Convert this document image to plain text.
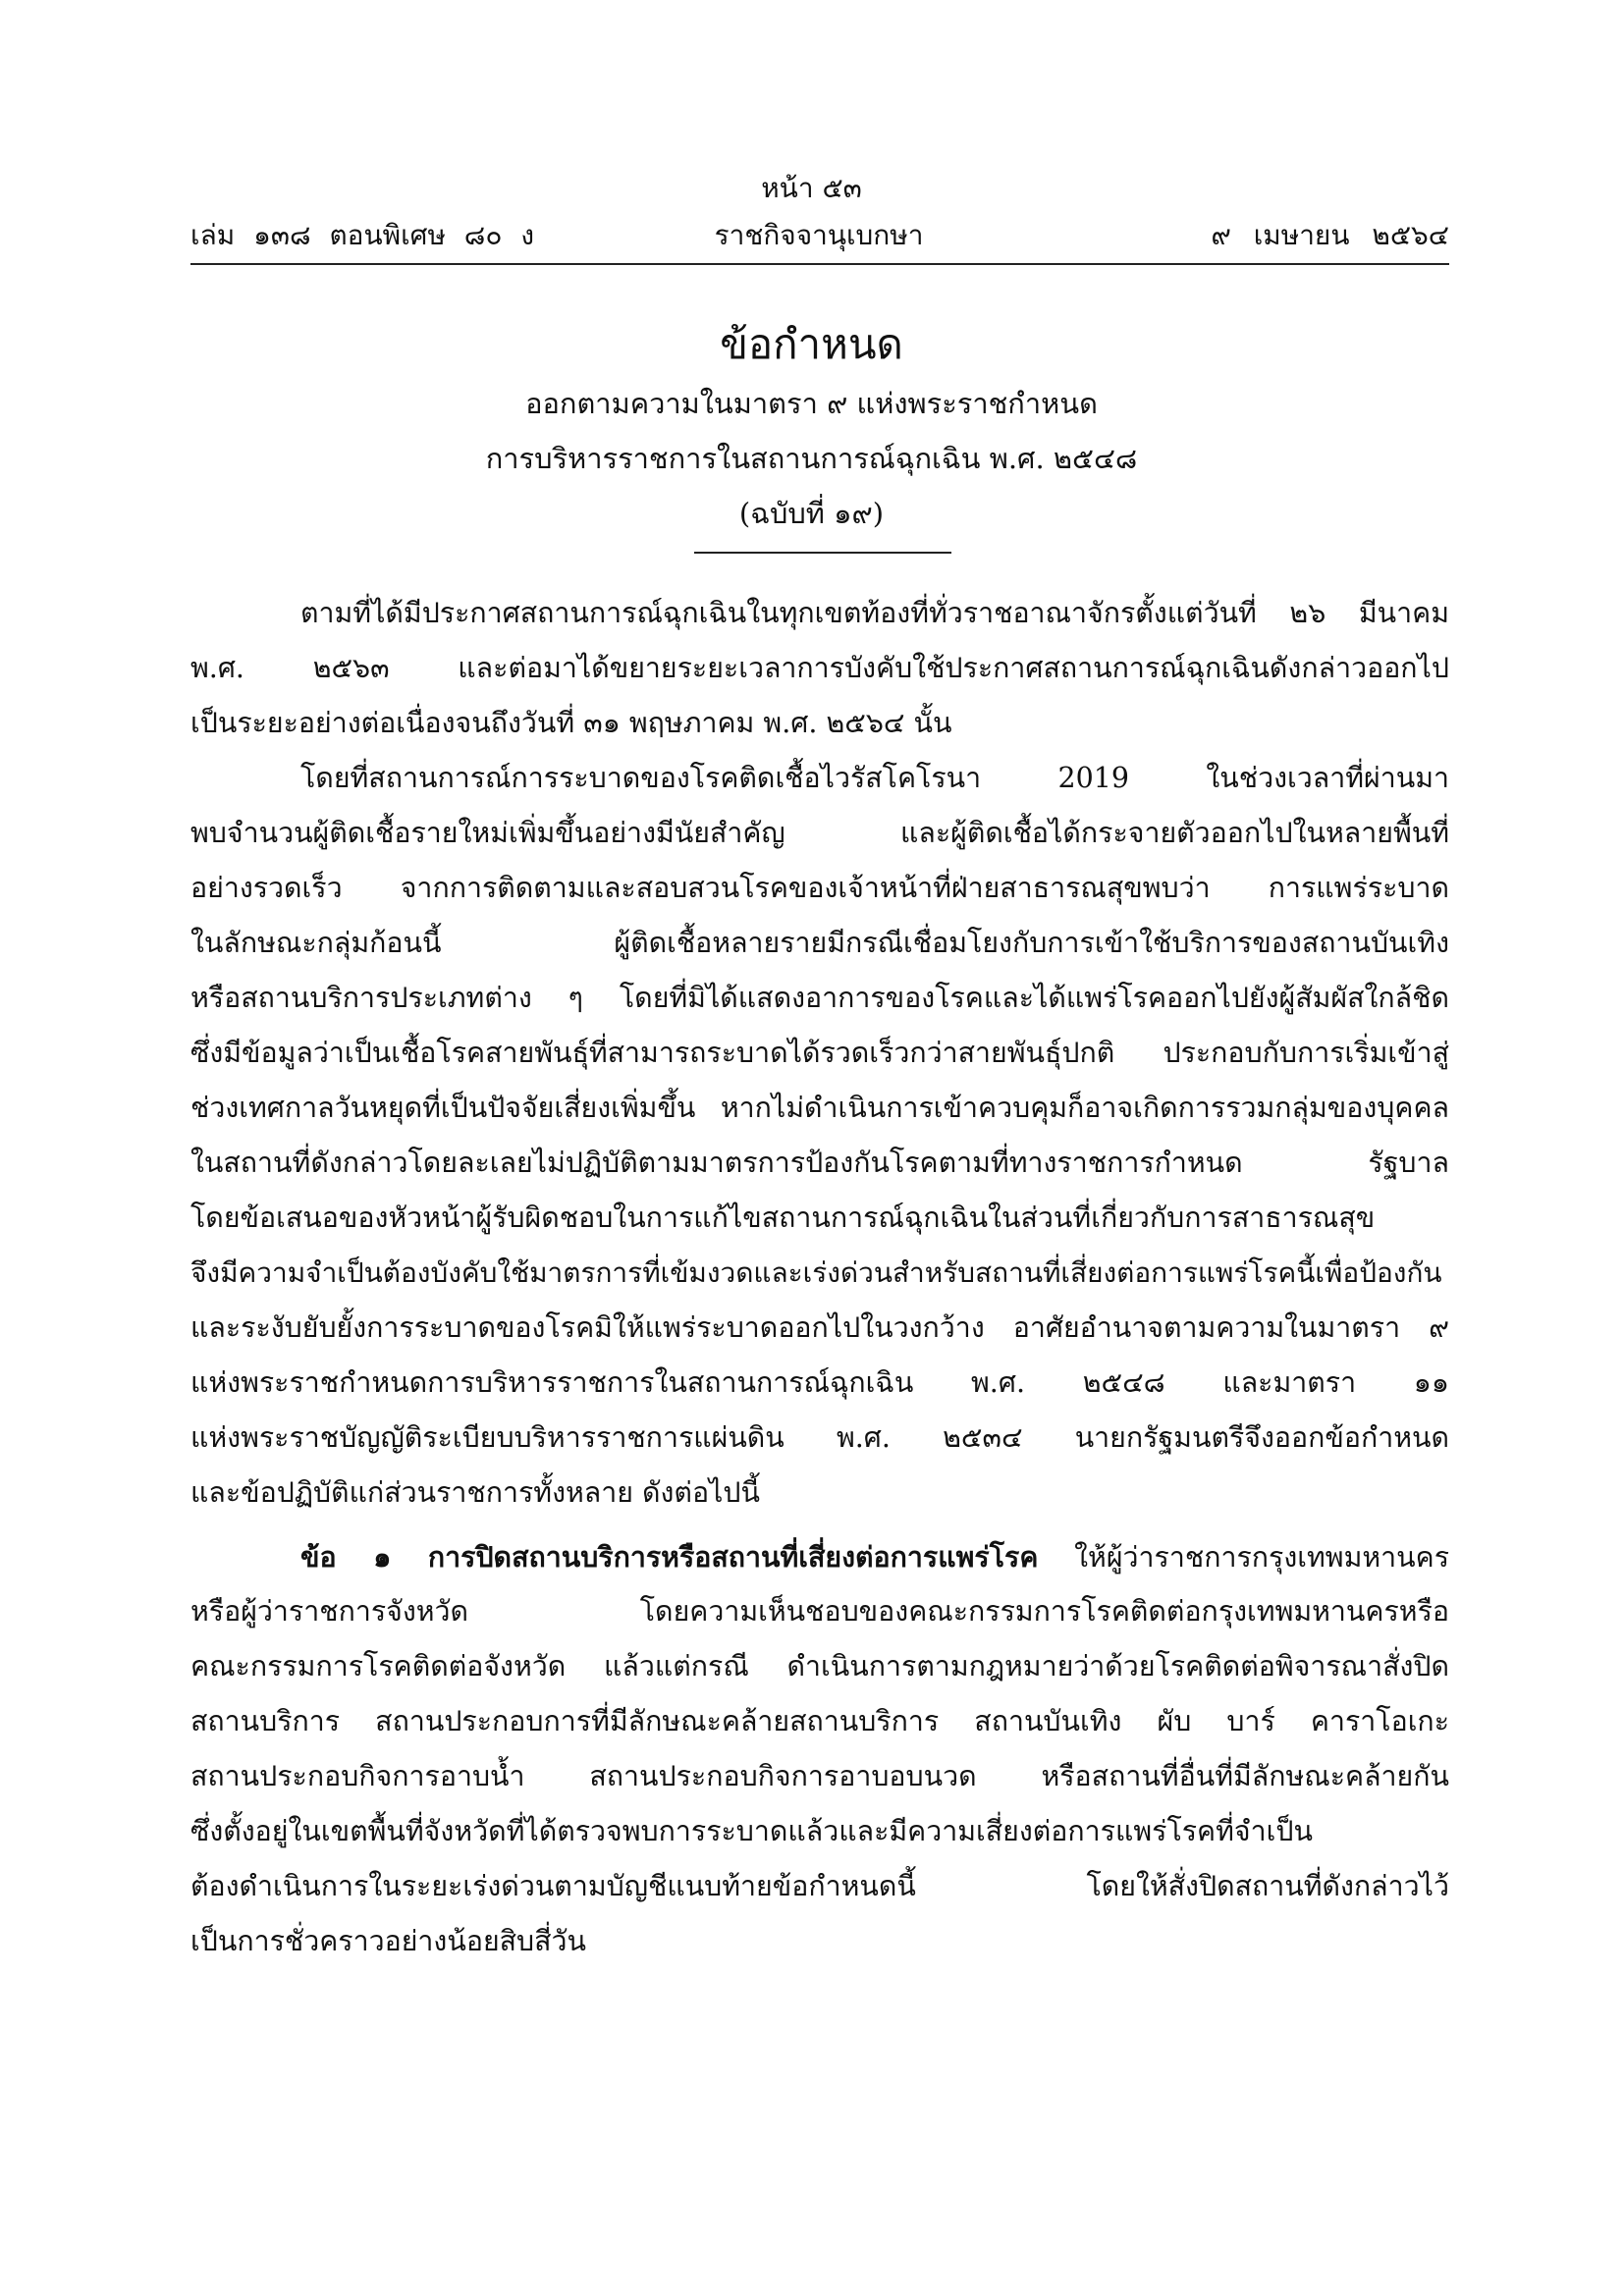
หน้า ๕๓
เล่ม ๑๓๘ ตอนพิเศษ ๘๐ ง	ราชกิจจานุเบกษา	๙ เมษายน ๒๕๖๔
ข้อกำหนด
ออกตามความในมาตรา ๙ แห่งพระราชกำหนด
การบริหารราชการในสถานการณ์ฉุกเฉิน พ.ศ. ๒๕๔๘
(ฉบับที่ ๑๙)
ตามที่ได้มีประกาศสถานการณ์ฉุกเฉินในทุกเขตท้องที่ทั่วราชอาณาจักรตั้งแต่วันที่ ๒๖ มีนาคม
พ.ศ. ๒๕๖๓ และต่อมาได้ขยายระยะเวลาการบังคับใช้ประกาศสถานการณ์ฉุกเฉินดังกล่าวออกไป
เป็นระยะอย่างต่อเนื่องจนถึงวันที่ ๓๑ พฤษภาคม พ.ศ. ๒๕๖๔ นั้น
โดยที่สถานการณ์การระบาดของโรคติดเชื้อไวรัสโคโรนา 2019 ในช่วงเวลาที่ผ่านมา
พบจำนวนผู้ติดเชื้อรายใหม่เพิ่มขึ้นอย่างมีนัยสำคัญ และผู้ติดเชื้อได้กระจายตัวออกไปในหลายพื้นที่
อย่างรวดเร็ว จากการติดตามและสอบสวนโรคของเจ้าหน้าที่ฝ่ายสาธารณสุขพบว่า การแพร่ระบาด
ในลักษณะกลุ่มก้อนนี้ ผู้ติดเชื้อหลายรายมีกรณีเชื่อมโยงกับการเข้าใช้บริการของสถานบันเทิง
หรือสถานบริการประเภทต่าง ๆ โดยที่มิได้แสดงอาการของโรคและได้แพร่โรคออกไปยังผู้สัมผัสใกล้ชิด
ซึ่งมีข้อมูลว่าเป็นเชื้อโรคสายพันธุ์ที่สามารถระบาดได้รวดเร็วกว่าสายพันธุ์ปกติ ประกอบกับการเริ่มเข้าสู่
ช่วงเทศกาลวันหยุดที่เป็นปัจจัยเสี่ยงเพิ่มขึ้น หากไม่ดำเนินการเข้าควบคุมก็อาจเกิดการรวมกลุ่มของบุคคล
ในสถานที่ดังกล่าวโดยละเลยไม่ปฏิบัติตามมาตรการป้องกันโรคตามที่ทางราชการกำหนด รัฐบาล
โดยข้อเสนอของหัวหน้าผู้รับผิดชอบในการแก้ไขสถานการณ์ฉุกเฉินในส่วนที่เกี่ยวกับการสาธารณสุข
จึงมีความจำเป็นต้องบังคับใช้มาตรการที่เข้มงวดและเร่งด่วนสำหรับสถานที่เสี่ยงต่อการแพร่โรคนี้เพื่อป้องกัน
และระงับยับยั้งการระบาดของโรคมิให้แพร่ระบาดออกไปในวงกว้าง อาศัยอำนาจตามความในมาตรา ๙
แห่งพระราชกำหนดการบริหารราชการในสถานการณ์ฉุกเฉิน พ.ศ. ๒๕๔๘ และมาตรา ๑๑
แห่งพระราชบัญญัติระเบียบบริหารราชการแผ่นดิน พ.ศ. ๒๕๓๔ นายกรัฐมนตรีจึงออกข้อกำหนด
และข้อปฏิบัติแก่ส่วนราชการทั้งหลาย ดังต่อไปนี้
ข้อ ๑ การปิดสถานบริการหรือสถานที่เสี่ยงต่อการแพร่โรค ให้ผู้ว่าราชการกรุงเทพมหานคร
หรือผู้ว่าราชการจังหวัด โดยความเห็นชอบของคณะกรรมการโรคติดต่อกรุงเทพมหานครหรือ
คณะกรรมการโรคติดต่อจังหวัด แล้วแต่กรณี ดำเนินการตามกฎหมายว่าด้วยโรคติดต่อพิจารณาสั่งปิด
สถานบริการ สถานประกอบการที่มีลักษณะคล้ายสถานบริการ สถานบันเทิง ผับ บาร์ คาราโอเกะ
สถานประกอบกิจการอาบน้ำ สถานประกอบกิจการอาบอบนวด หรือสถานที่อื่นที่มีลักษณะคล้ายกัน
ซึ่งตั้งอยู่ในเขตพื้นที่จังหวัดที่ได้ตรวจพบการระบาดแล้วและมีความเสี่ยงต่อการแพร่โรคที่จำเป็น
ต้องดำเนินการในระยะเร่งด่วนตามบัญชีแนบท้ายข้อกำหนดนี้ โดยให้สั่งปิดสถานที่ดังกล่าวไว้
เป็นการชั่วคราวอย่างน้อยสิบสี่วัน
